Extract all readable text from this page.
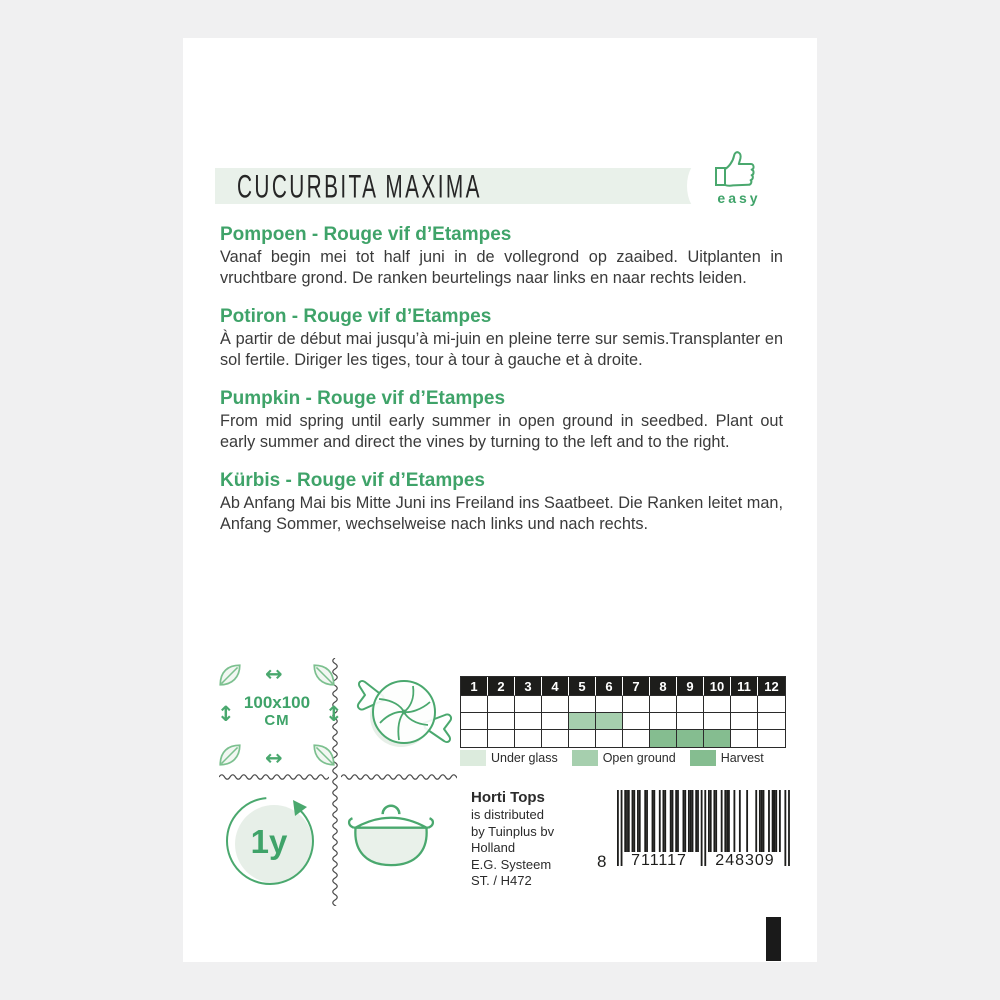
CUCURBITA MAXIMA	easy
Pompoen - Rouge vif d’Etampes

Vanaf begin mei tot half juni in de vollegrond op zaaibed. Uitplanten in vruchtbare grond. De ranken beurtelings naar links en naar rechts leiden.

Potiron - Rouge vif d’Etampes

À partir de début mai jusqu’à mi-juin en pleine terre sur semis.Transplanter en sol fertile. Diriger les tiges, tour à tour à gauche et à droite.

Pumpkin - Rouge vif d’Etampes

From mid spring until early summer in open ground in seedbed. Plant out early summer and direct the vines by turning to the left and to the right.

Kürbis - Rouge vif d’Etampes

Ab Anfang Mai bis Mitte Juni ins Freiland ins Saatbeet. Die Ranken leitet man, Anfang Sommer, wechselweise nach links und nach rechts.

↔
↔
↕	↕
100x100
CM
1y
1	2	3	4	5	6	7	8	9	10 11	12
Under glass	Open ground	Harvest
Horti Tops
is distributed
by Tuinplus bv
Holland
E.G. Systeem
ST. / H472
8	711117	248309
